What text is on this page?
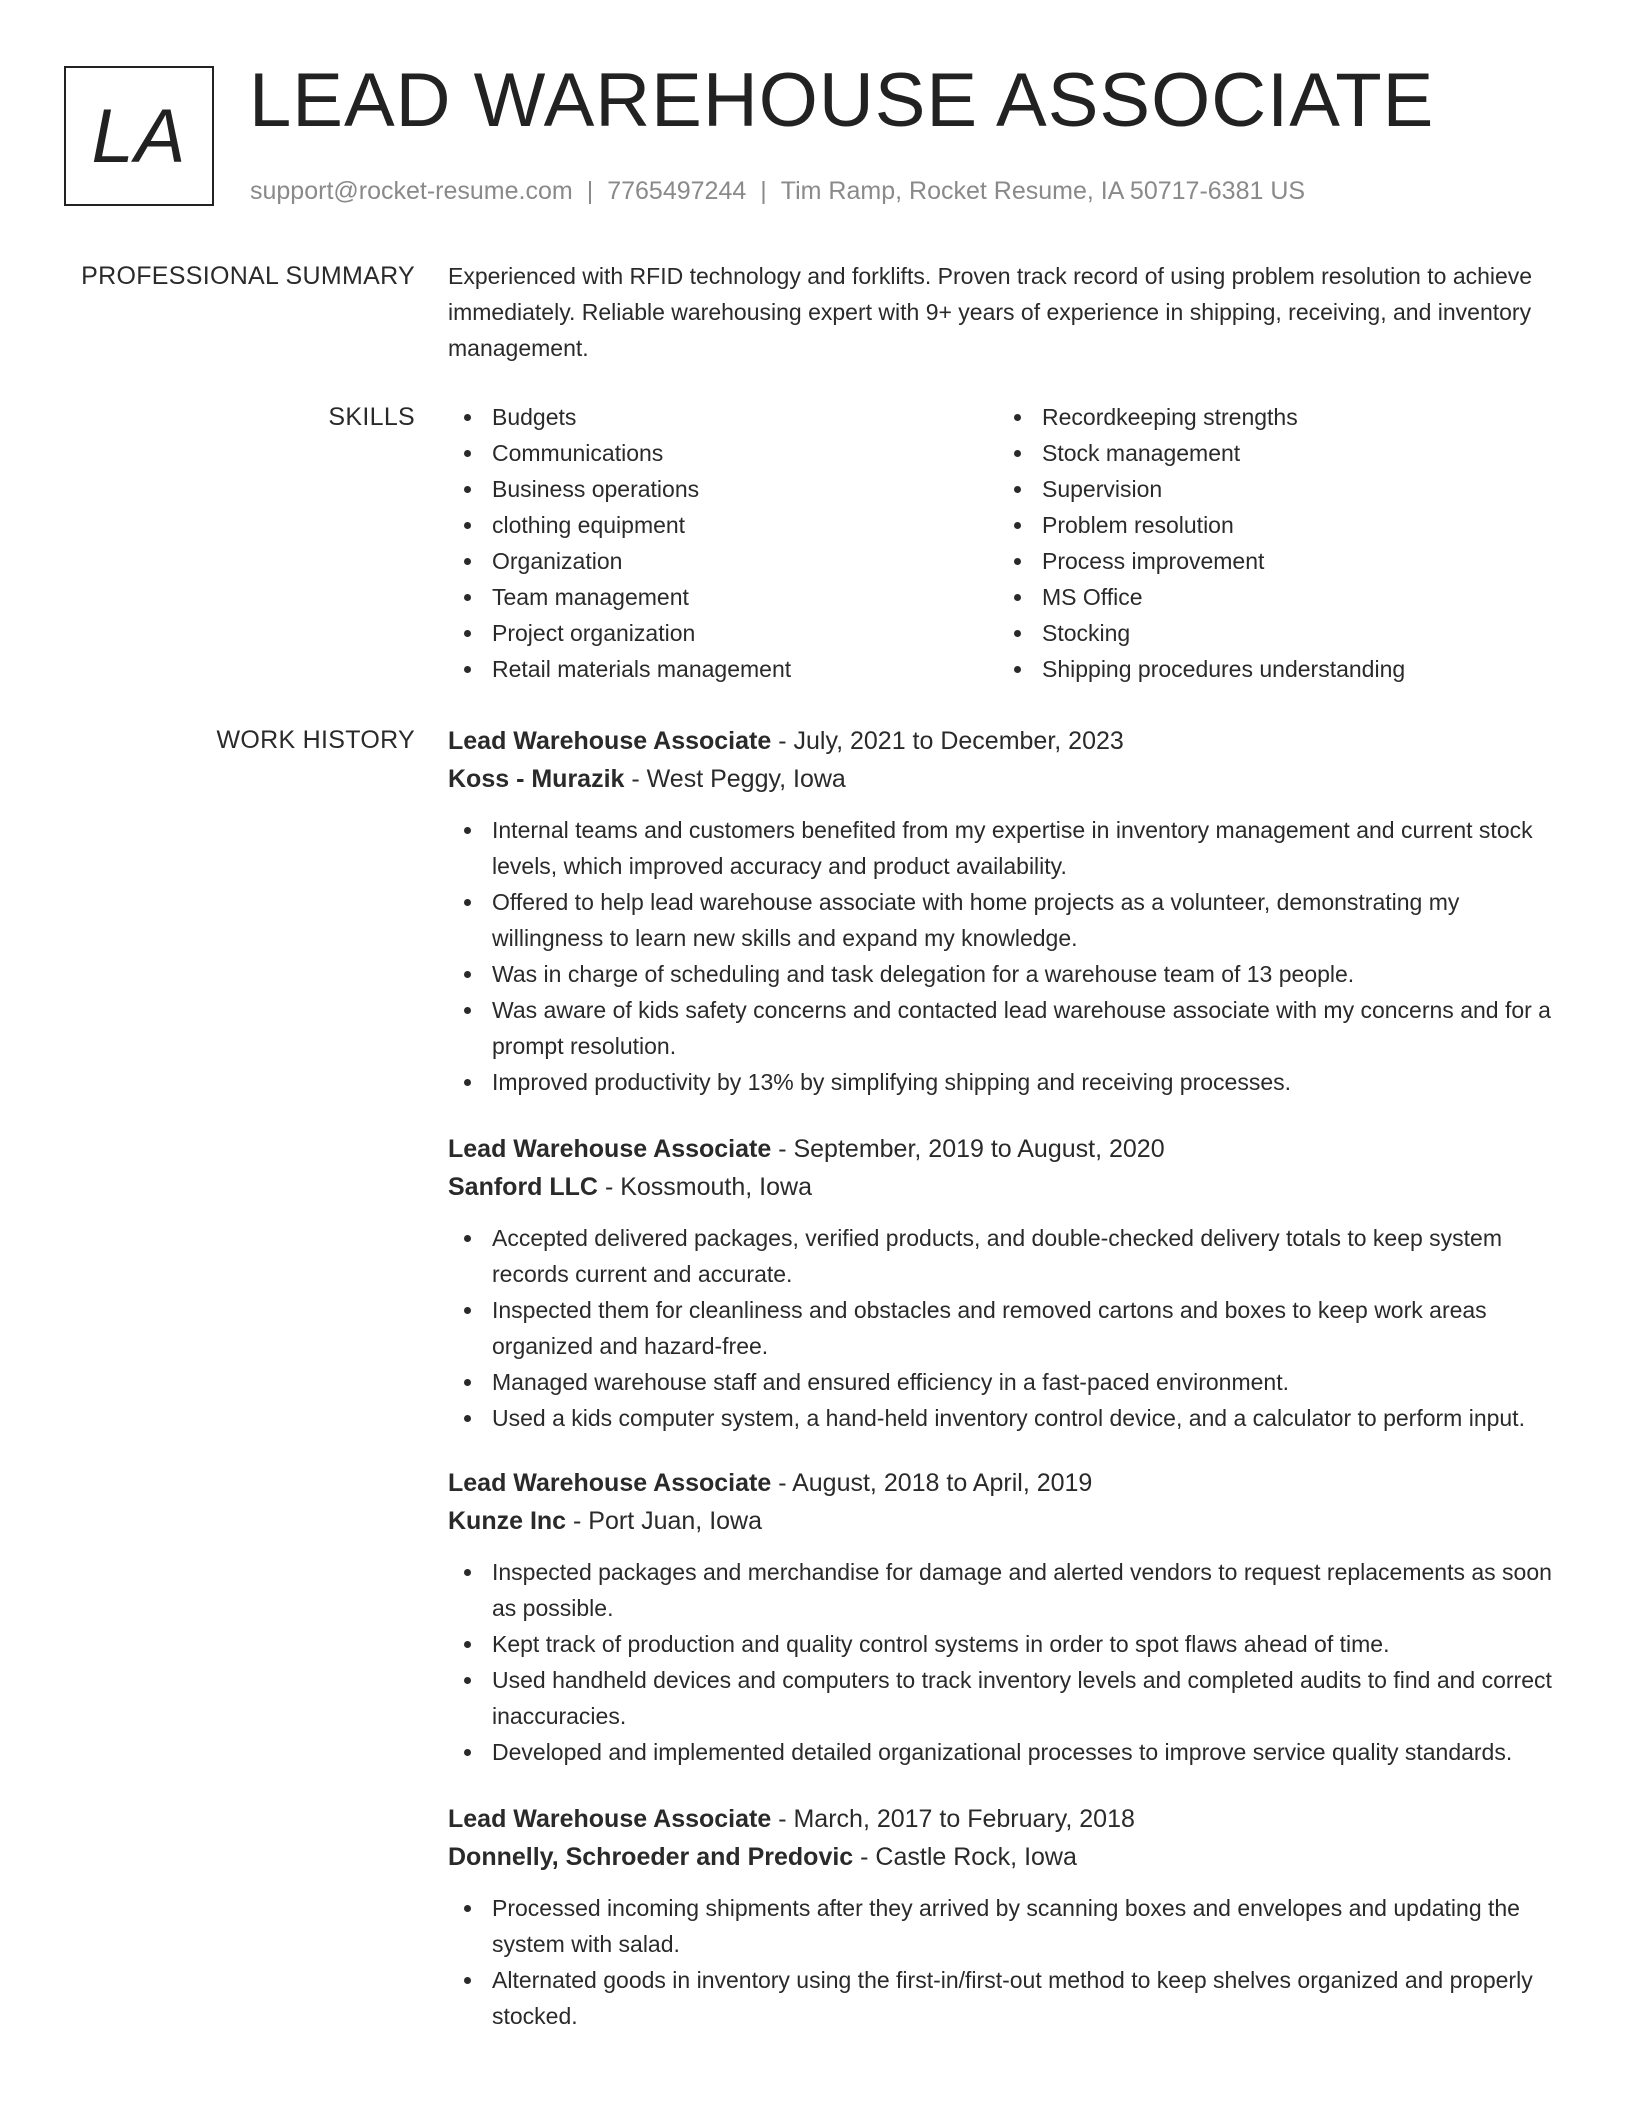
LA LEAD WAREHOUSE ASSOCIATE
support@rocket-resume.com | 7765497244 | Tim Ramp, Rocket Resume, IA 50717-6381 US
PROFESSIONAL SUMMARY Experienced with RFID technology and forklifts. Proven track record of using problem resolution to achieve immediately. Reliable warehousing expert with 9+ years of experience in shipping, receiving, and inventory management.

SKILLS	Budgets
Communications
Business operations
clothing equipment
Organization
Team management
Project organization
Retail materials management
Recordkeeping strengths
Stock management
Supervision
Problem resolution
Process improvement
MS Office
Stocking
Shipping procedures understanding
WORK HISTORY Lead Warehouse Associate - July, 2021 to December, 2023

Koss - Murazik - West Peggy, Iowa

Internal teams and customers benefited from my expertise in inventory management and current stock levels, which improved accuracy and product availability.
Offered to help lead warehouse associate with home projects as a volunteer, demonstrating my willingness to learn new skills and expand my knowledge.
Was in charge of scheduling and task delegation for a warehouse team of 13 people.
Was aware of kids safety concerns and contacted lead warehouse associate with my concerns and for a prompt resolution.
Improved productivity by 13% by simplifying shipping and receiving processes.

Lead Warehouse Associate - September, 2019 to August, 2020

Sanford LLC - Kossmouth, Iowa

Accepted delivered packages, verified products, and double-checked delivery totals to keep system records current and accurate.
Inspected them for cleanliness and obstacles and removed cartons and boxes to keep work areas organized and hazard-free.
Managed warehouse staff and ensured efficiency in a fast-paced environment.
Used a kids computer system, a hand-held inventory control device, and a calculator to perform input.

Lead Warehouse Associate - August, 2018 to April, 2019

Kunze Inc - Port Juan, Iowa

Inspected packages and merchandise for damage and alerted vendors to request replacements as soon as possible.
Kept track of production and quality control systems in order to spot flaws ahead of time.
Used handheld devices and computers to track inventory levels and completed audits to find and correct inaccuracies.
Developed and implemented detailed organizational processes to improve service quality standards.

Lead Warehouse Associate - March, 2017 to February, 2018

Donnelly, Schroeder and Predovic - Castle Rock, Iowa

Processed incoming shipments after they arrived by scanning boxes and envelopes and updating the system with salad.
Alternated goods in inventory using the first-in/first-out method to keep shelves organized and properly stocked.
